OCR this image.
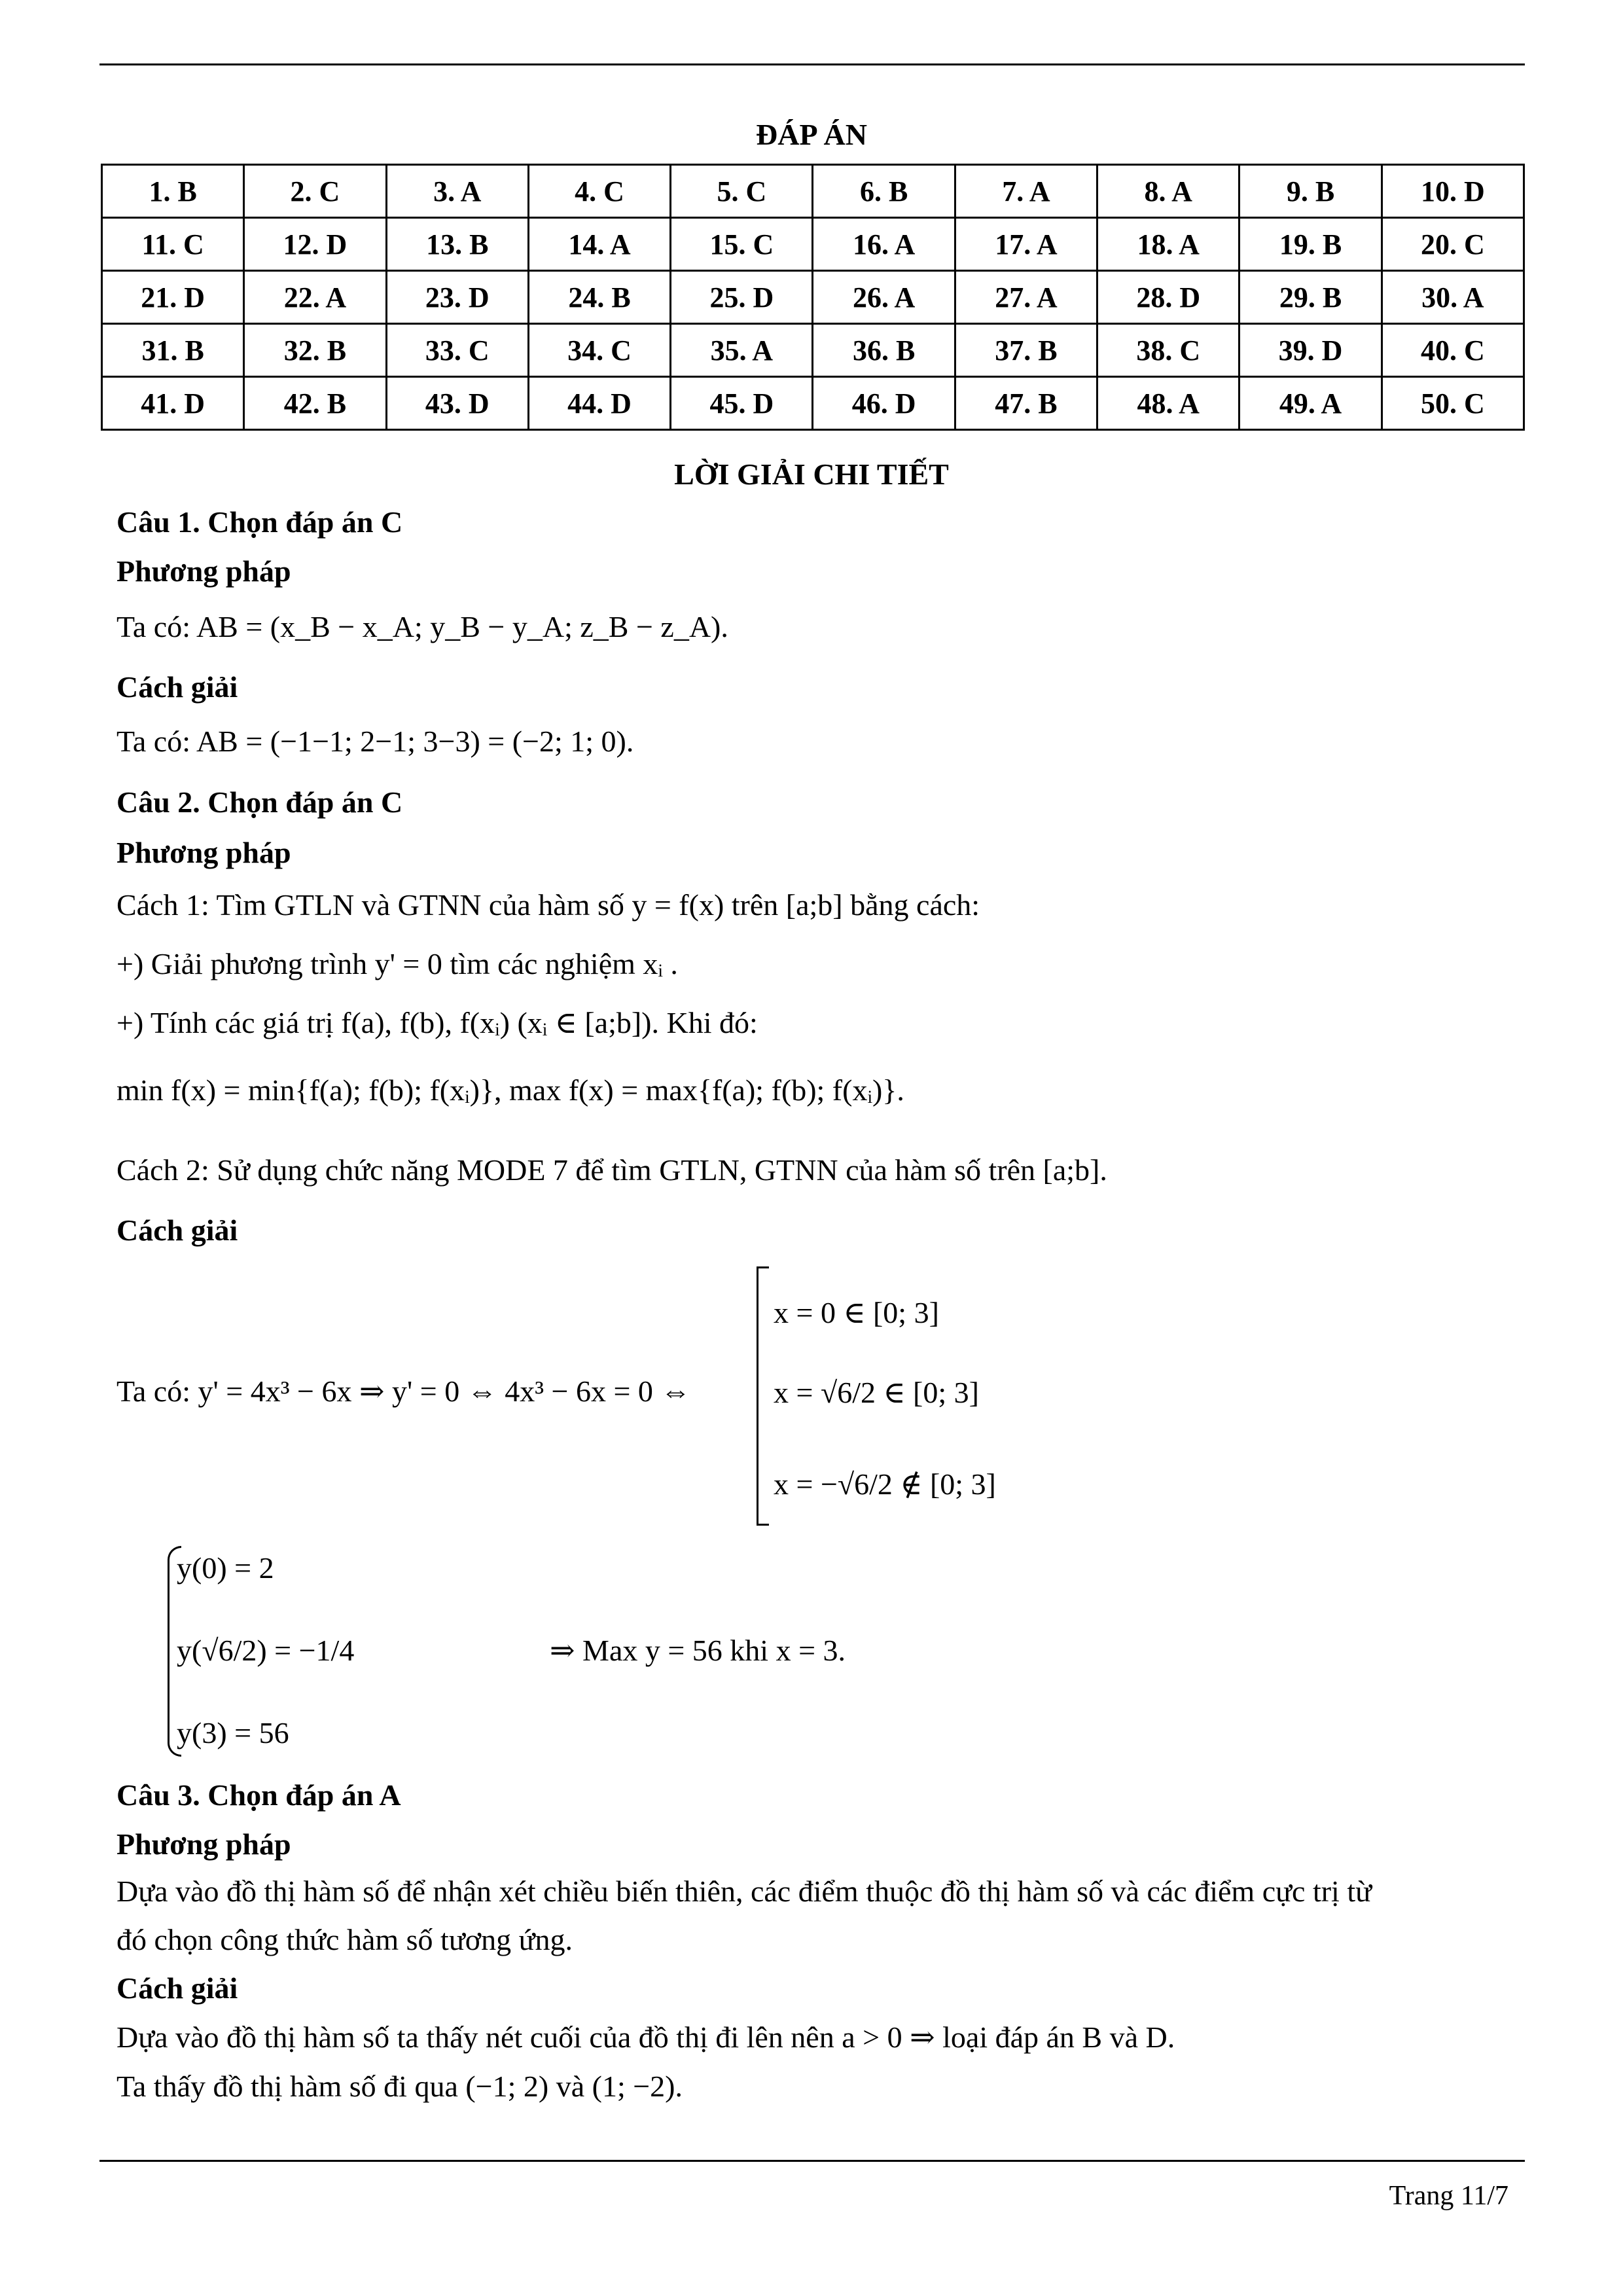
ĐÁP ÁN
1. B	2. C	3. A	4. C	5. C	6. B	7. A	8. A	9. B	10. D
11. C	12. D	13. B	14. A	15. C	16. A	17. A	18. A	19. B	20. C
21. D	22. A	23. D	24. B	25. D	26. A	27. A	28. D	29. B	30. A
31. B	32. B	33. C	34. C	35. A	36. B	37. B	38. C	39. D	40. C
41. D	42. B	43. D	44. D	45. D	46. D	47. B	48. A	49. A	50. C
LỜI GIẢI CHI TIẾT
Câu 1. Chọn đáp án C
Phương pháp
Ta có: AB = (x_B − x_A; y_B − y_A; z_B − z_A).
Cách giải
Ta có: AB = (−1−1; 2−1; 3−3) = (−2; 1; 0).
Câu 2. Chọn đáp án C
Phương pháp
Cách 1: Tìm GTLN và GTNN của hàm số y = f(x) trên [a;b] bằng cách:
+) Giải phương trình y' = 0 tìm các nghiệm xᵢ .
+) Tính các giá trị f(a), f(b), f(xᵢ) (xᵢ ∈ [a;b]). Khi đó:
min f(x) = min{f(a); f(b); f(xᵢ)}, max f(x) = max{f(a); f(b); f(xᵢ)}.
Cách 2: Sử dụng chức năng MODE 7 để tìm GTLN, GTNN của hàm số trên [a;b].
Cách giải
Ta có: y' = 4x³ − 6x ⇒ y' = 0 ⇔ 4x³ − 6x = 0 ⇔
x = 0 ∈ [0; 3]
x = √6/2 ∈ [0; 3]
x = −√6/2 ∉ [0; 3]
y(0) = 2
y(√6/2) = −1/4
y(3) = 56
⇒ Max y = 56 khi x = 3.
Câu 3. Chọn đáp án A
Phương pháp
Dựa vào đồ thị hàm số để nhận xét chiều biến thiên, các điểm thuộc đồ thị hàm số và các điểm cực trị từ
đó chọn công thức hàm số tương ứng.
Cách giải
Dựa vào đồ thị hàm số ta thấy nét cuối của đồ thị đi lên nên a > 0 ⇒ loại đáp án B và D.
Ta thấy đồ thị hàm số đi qua (−1; 2) và (1; −2).
Trang 11/7
